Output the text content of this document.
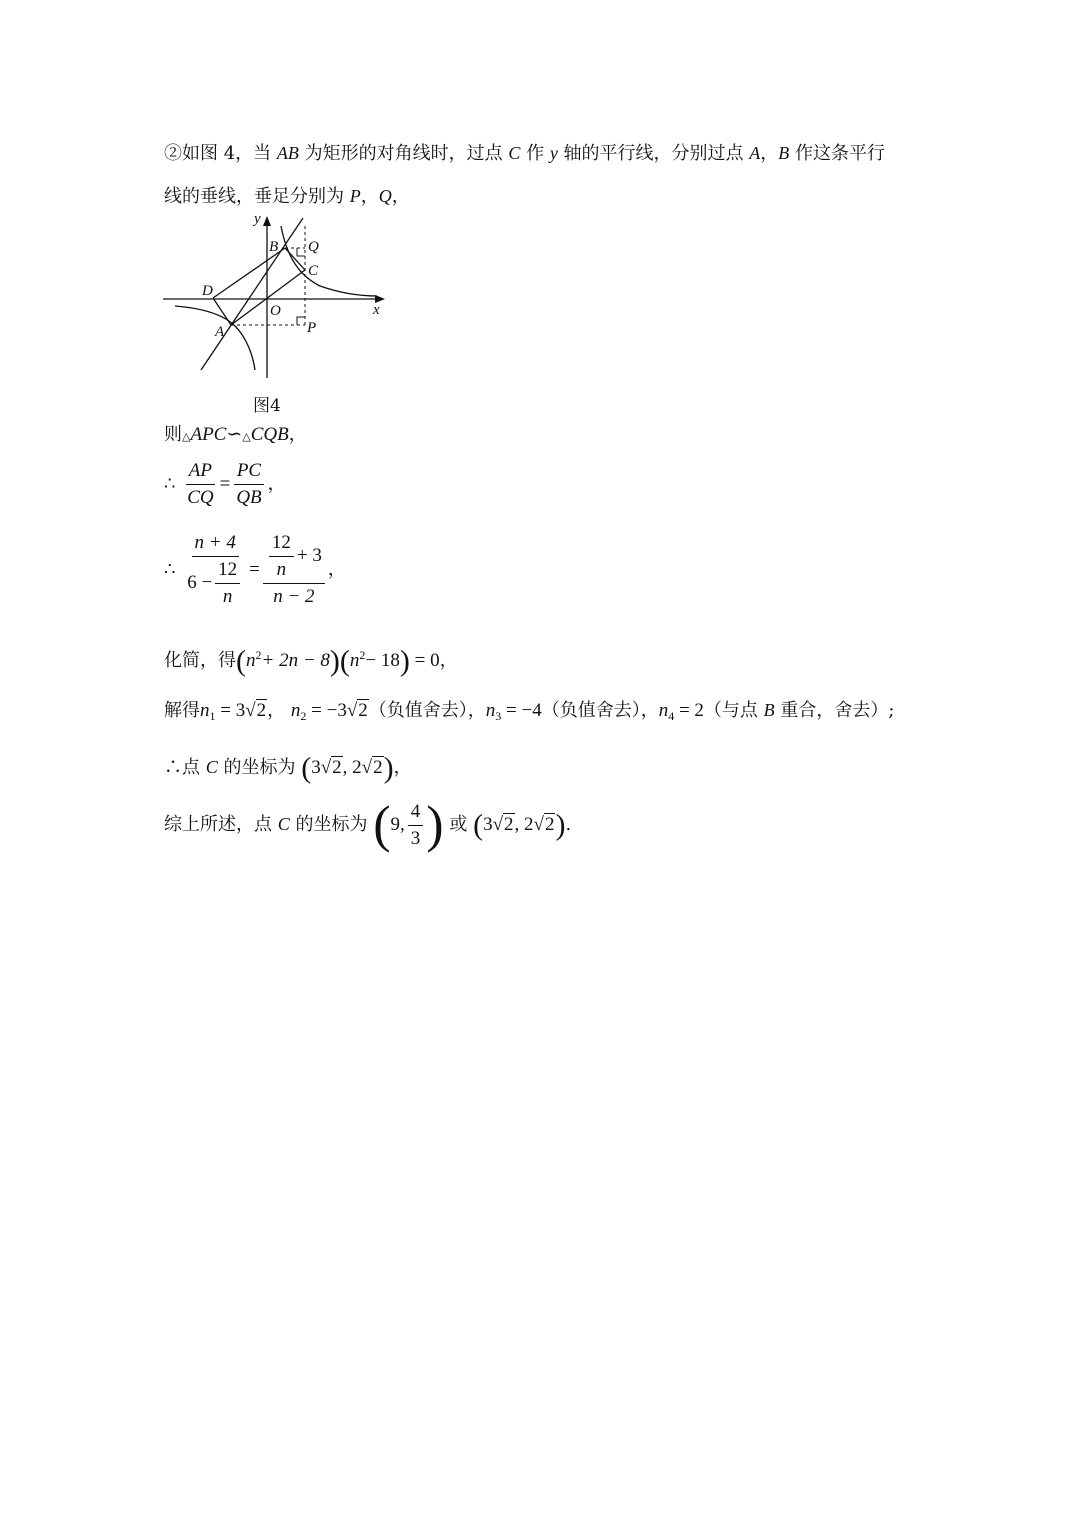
②如图 4，当 AB 为矩形的对角线时，过点 C 作 y 轴的平行线，分别过点 A，B 作这条平行
线的垂线，垂足分别为 P，Q，
y
x
B Q
C
D
O
A	P
图4
则△APC∽△CQB，
∴ $\frac{AP}{CQ} = \frac{PC}{QB}$ ，
∴ $\frac{n + 4}{6 - \frac{12}{n}} = \frac{\frac{12}{n} + 3}{n - 2}$ ，
化简，得$(n^2+ 2n - 8)(n^2- 18) = 0$，
解得$n_1 = 3√2$， $n_2 = -3√2$（负值舍去），$n_3 = -4$（负值舍去），$n_4 = 2$（与点 B 重合，舍去）;
∴点 C 的坐标为 (3√2, 2√2)，
综上所述，点 C 的坐标为 (9, $\frac{4}{3}$ ) 或 (3√2, 2√2).
